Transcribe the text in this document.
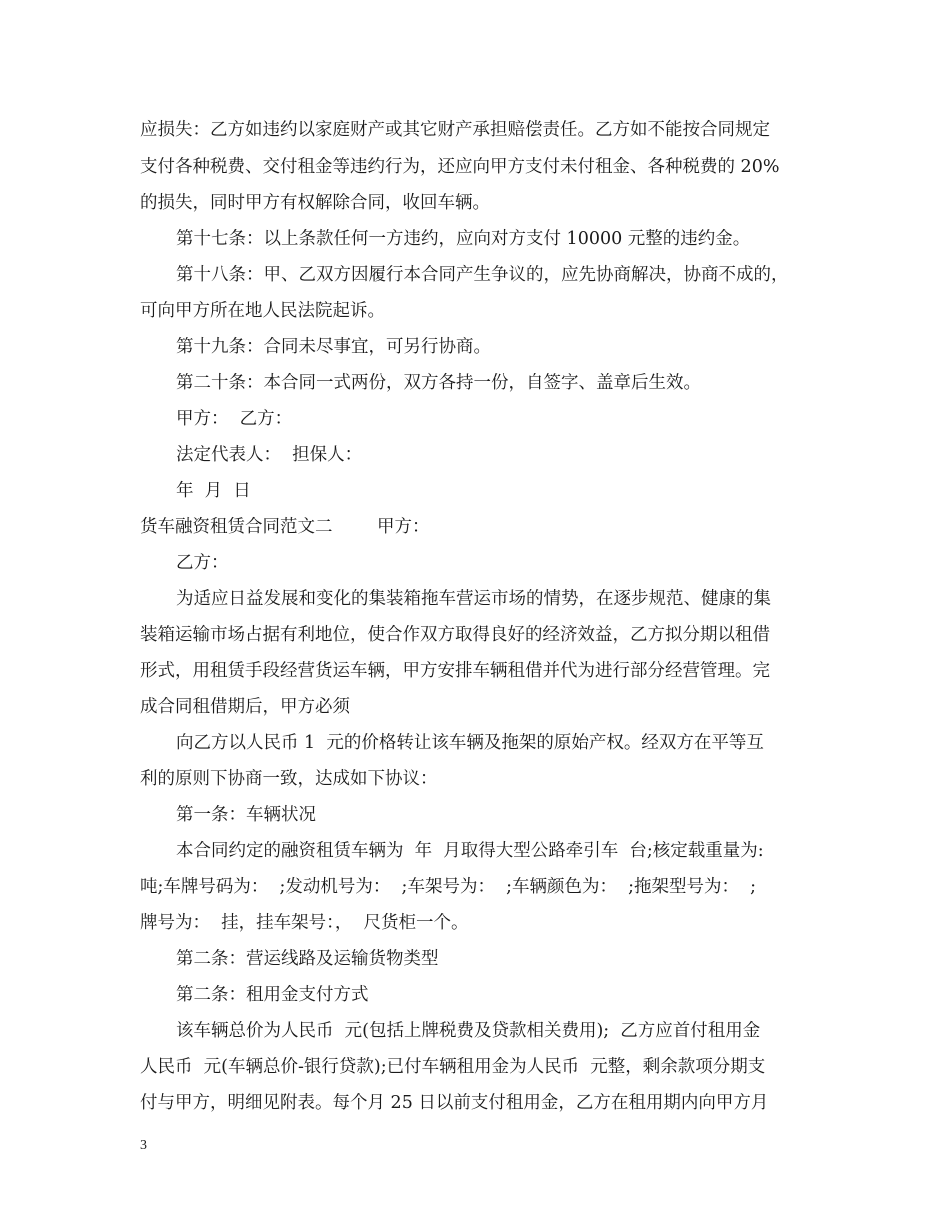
应损失：乙方如违约以家庭财产或其它财产承担赔偿责任。乙方如不能按合同规定
支付各种税费、交付租金等违约行为，还应向甲方支付未付租金、各种税费的 20%
的损失，同时甲方有权解除合同，收回车辆。
第十七条：以上条款任何一方违约，应向对方支付 10000 元整的违约金。
第十八条：甲、乙双方因履行本合同产生争议的，应先协商解决，协商不成的，
可向甲方所在地人民法院起诉。
第十九条：合同未尽事宜，可另行协商。
第二十条：本合同一式两份，双方各持一份，自签字、盖章后生效。
甲方：  乙方：
法定代表人：  担保人：
年  月  日
货车融资租赁合同范文二        甲方：
乙方：
为适应日益发展和变化的集装箱拖车营运市场的情势，在逐步规范、健康的集
装箱运输市场占据有利地位，使合作双方取得良好的经济效益，乙方拟分期以租借
形式，用租赁手段经营货运车辆，甲方安排车辆租借并代为进行部分经营管理。完
成合同租借期后，甲方必须
向乙方以人民币 1  元的价格转让该车辆及拖架的原始产权。经双方在平等互
利的原则下协商一致，达成如下协议：
第一条：车辆状况
本合同约定的融资租赁车辆为  年  月取得大型公路牵引车  台;核定载重量为:
吨;车牌号码为：  ;发动机号为：  ;车架号为：  ;车辆颜色为：  ;拖架型号为：  ;
牌号为：  挂，挂车架号：，  尺货柜一个。
第二条：营运线路及运输货物类型
第二条：租用金支付方式
该车辆总价为人民币  元(包括上牌税费及贷款相关费用);  乙方应首付租用金
人民币  元(车辆总价-银行贷款);已付车辆租用金为人民币  元整，剩余款项分期支
付与甲方，明细见附表。每个月 25 日以前支付租用金，乙方在租用期内向甲方月
3
